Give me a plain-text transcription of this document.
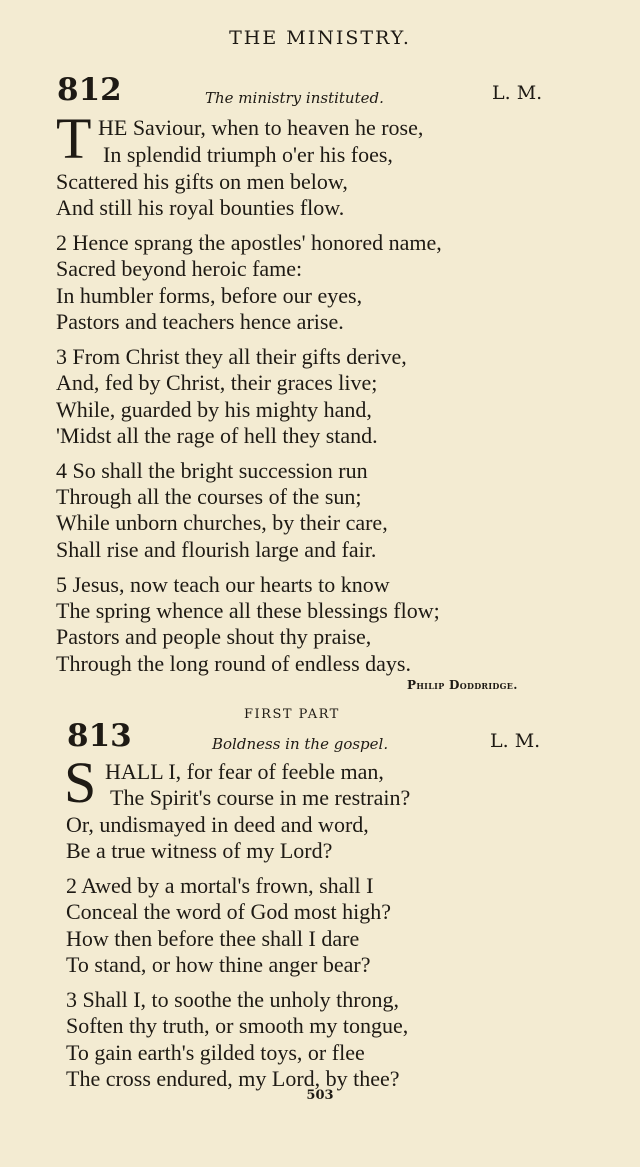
THE MINISTRY.
812	The ministry instituted.	L. M.
T HE Saviour, when to heaven he rose,
In splendid triumph o'er his foes,
Scattered his gifts on men below,
And still his royal bounties flow.
2 Hence sprang the apostles' honored name,
Sacred beyond heroic fame:
In humbler forms, before our eyes,
Pastors and teachers hence arise.
3 From Christ they all their gifts derive,
And, fed by Christ, their graces live;
While, guarded by his mighty hand,
'Midst all the rage of hell they stand.
4 So shall the bright succession run
Through all the courses of the sun;
While unborn churches, by their care,
Shall rise and flourish large and fair.
5 Jesus, now teach our hearts to know
The spring whence all these blessings flow;
Pastors and people shout thy praise,
Through the long round of endless days.
Philip Doddridge.
FIRST PART
813	Boldness in the gospel.	L. M.
S HALL I, for fear of feeble man,
The Spirit's course in me restrain?
Or, undismayed in deed and word,
Be a true witness of my Lord?
2 Awed by a mortal's frown, shall I
Conceal the word of God most high?
How then before thee shall I dare
To stand, or how thine anger bear?
3 Shall I, to soothe the unholy throng,
Soften thy truth, or smooth my tongue,
To gain earth's gilded toys, or flee
The cross endured, my Lord, by thee?
503
